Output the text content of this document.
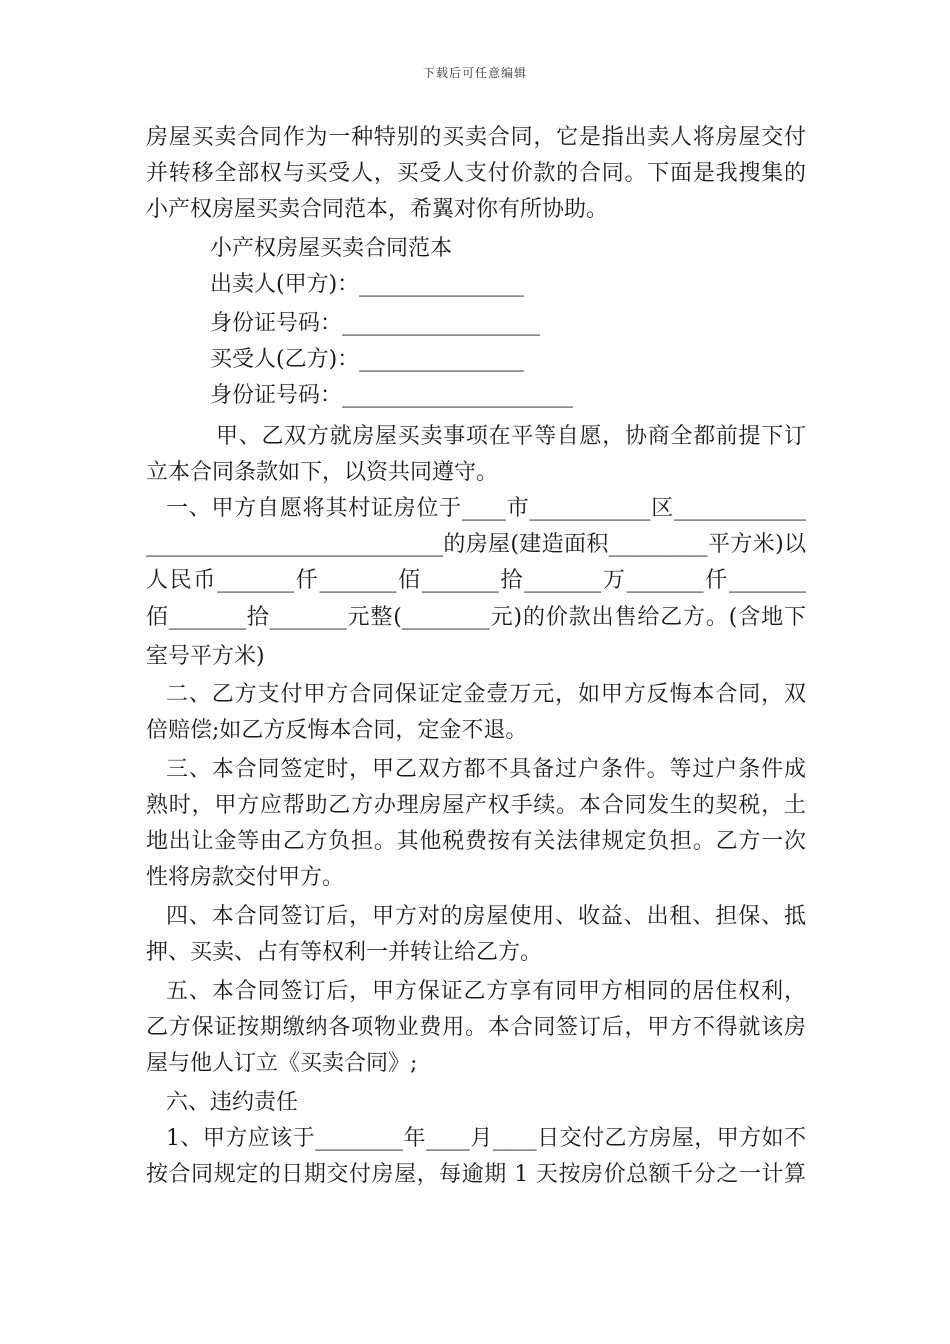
下载后可任意编辑
房屋买卖合同作为一种特别的买卖合同，它是指出卖人将房屋交付
并转移全部权与买受人，买受人支付价款的合同。下面是我搜集的
小产权房屋买卖合同范本，希翼对你有所协助。
小产权房屋买卖合同范本
出卖人(甲方)：_______________
身份证号码：__________________
买受人(乙方)：_______________
身份证号码：_____________________
甲、乙双方就房屋买卖事项在平等自愿，协商全都前提下订
立本合同条款如下，以资共同遵守。
一、甲方自愿将其村证房位于____市___________区____________
___________________________的房屋(建造面积_________平方米)以
人民币_______仟_______佰_______拾_______万_______仟_______
佰_______拾_______元整(________元)的价款出售给乙方。(含地下
室号平方米)
二、乙方支付甲方合同保证定金壹万元，如甲方反悔本合同，双
倍赔偿;如乙方反悔本合同，定金不退。
三、本合同签定时，甲乙双方都不具备过户条件。等过户条件成
熟时，甲方应帮助乙方办理房屋产权手续。本合同发生的契税，土
地出让金等由乙方负担。其他税费按有关法律规定负担。乙方一次
性将房款交付甲方。
四、本合同签订后，甲方对的房屋使用、收益、出租、担保、抵
押、买卖、占有等权利一并转让给乙方。
五、本合同签订后，甲方保证乙方享有同甲方相同的居住权利，
乙方保证按期缴纳各项物业费用。本合同签订后，甲方不得就该房
屋与他人订立《买卖合同》;
六、违约责任
1、甲方应该于________年____月____日交付乙方房屋，甲方如不
按合同规定的日期交付房屋，每逾期 1 天按房价总额千分之一计算
